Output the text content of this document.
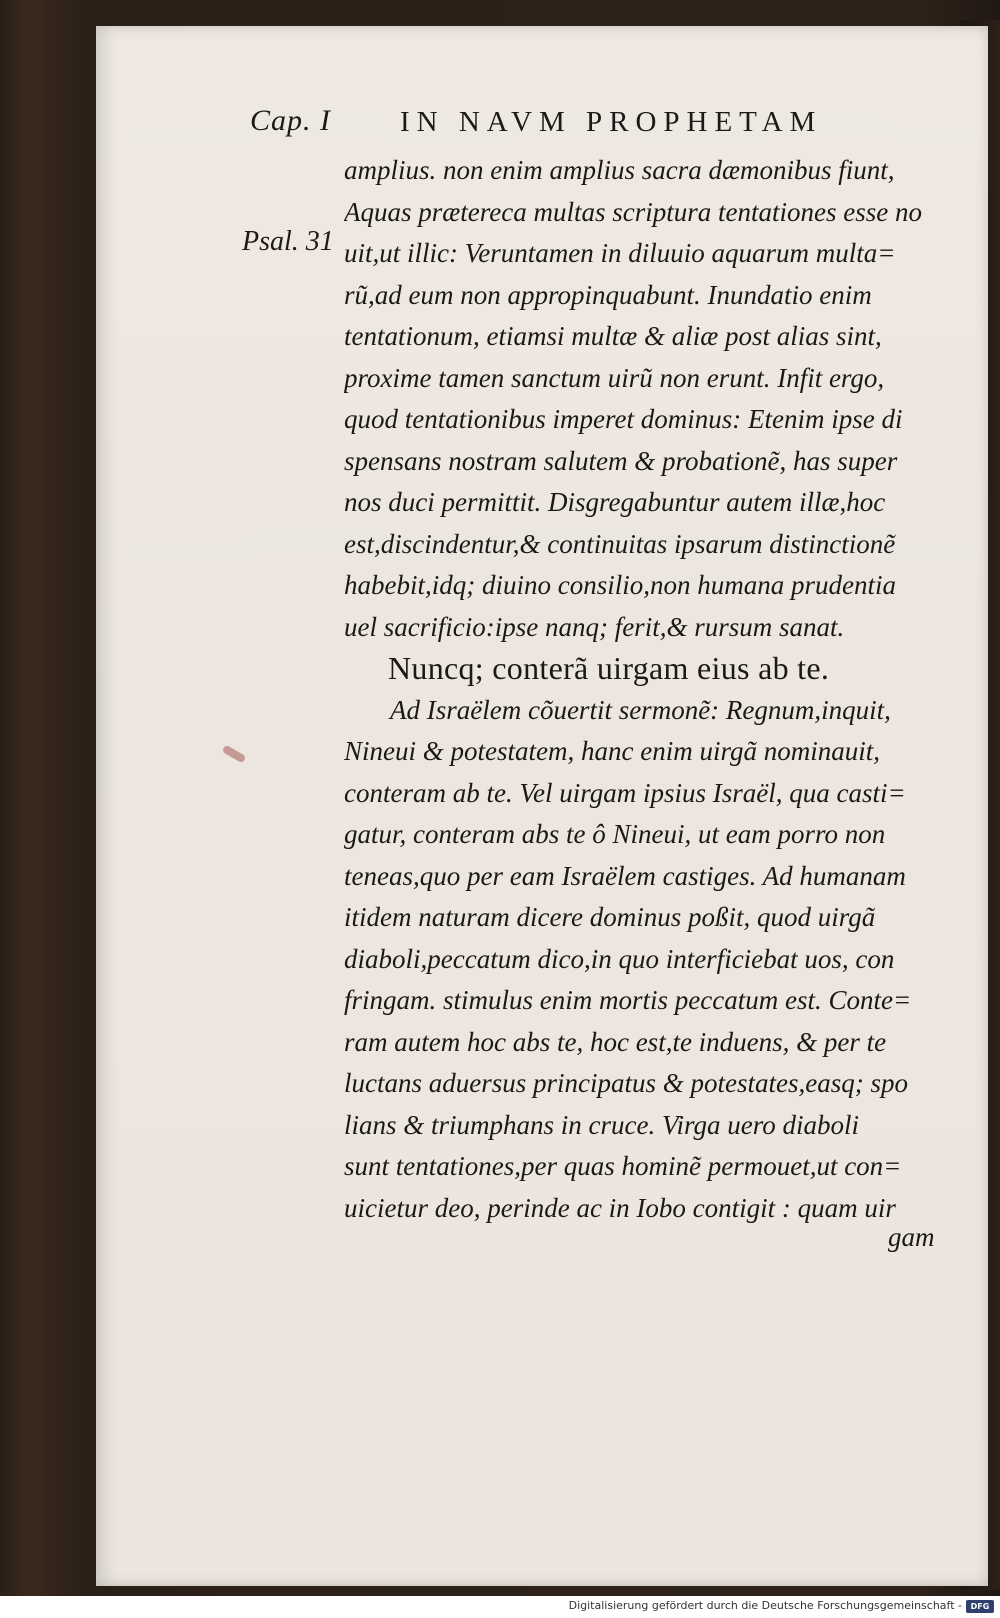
Cap. I IN NAVM PROPHETAM
Psal. 31
amplius. non enim amplius sacra dæmonibus fiunt,
Aquas prætereca multas scriptura tentationes esse no
uit,ut illic: Veruntamen in diluuio aquarum multa=
rũ,ad eum non appropinquabunt. Inundatio enim
tentationum, etiamsi multæ & aliæ post alias sint,
proxime tamen sanctum uirũ non erunt. Infit ergo,
quod tentationibus imperet dominus: Etenim ipse di
spensans nostram salutem & probationẽ, has super
nos duci permittit. Disgregabuntur autem illæ,hoc
est,discindentur,& continuitas ipsarum distinctionẽ
habebit,idq; diuino consilio,non humana prudentia
uel sacrificio:ipse nanq; ferit,& rursum sanat.
Nuncq; conterã uirgam eius ab te.
Ad Israëlem cõuertit sermonẽ: Regnum,inquit,
Nineui & potestatem, hanc enim uirgã nominauit,
conteram ab te. Vel uirgam ipsius Israël, qua casti=
gatur, conteram abs te ô Nineui, ut eam porro non
teneas,quo per eam Israëlem castiges. Ad humanam
itidem naturam dicere dominus poßit, quod uirgã
diaboli,peccatum dico,in quo interficiebat uos, con
fringam. stimulus enim mortis peccatum est. Conte=
ram autem hoc abs te, hoc est,te induens, & per te
luctans aduersus principatus & potestates,easq; spo
lians & triumphans in cruce. Virga uero diaboli
sunt tentationes,per quas hominẽ permouet,ut con=
uicietur deo, perinde ac in Iobo contigit : quam uir
gam
Digitalisierung gefördert durch die Deutsche Forschungsgemeinschaft -	DFG
